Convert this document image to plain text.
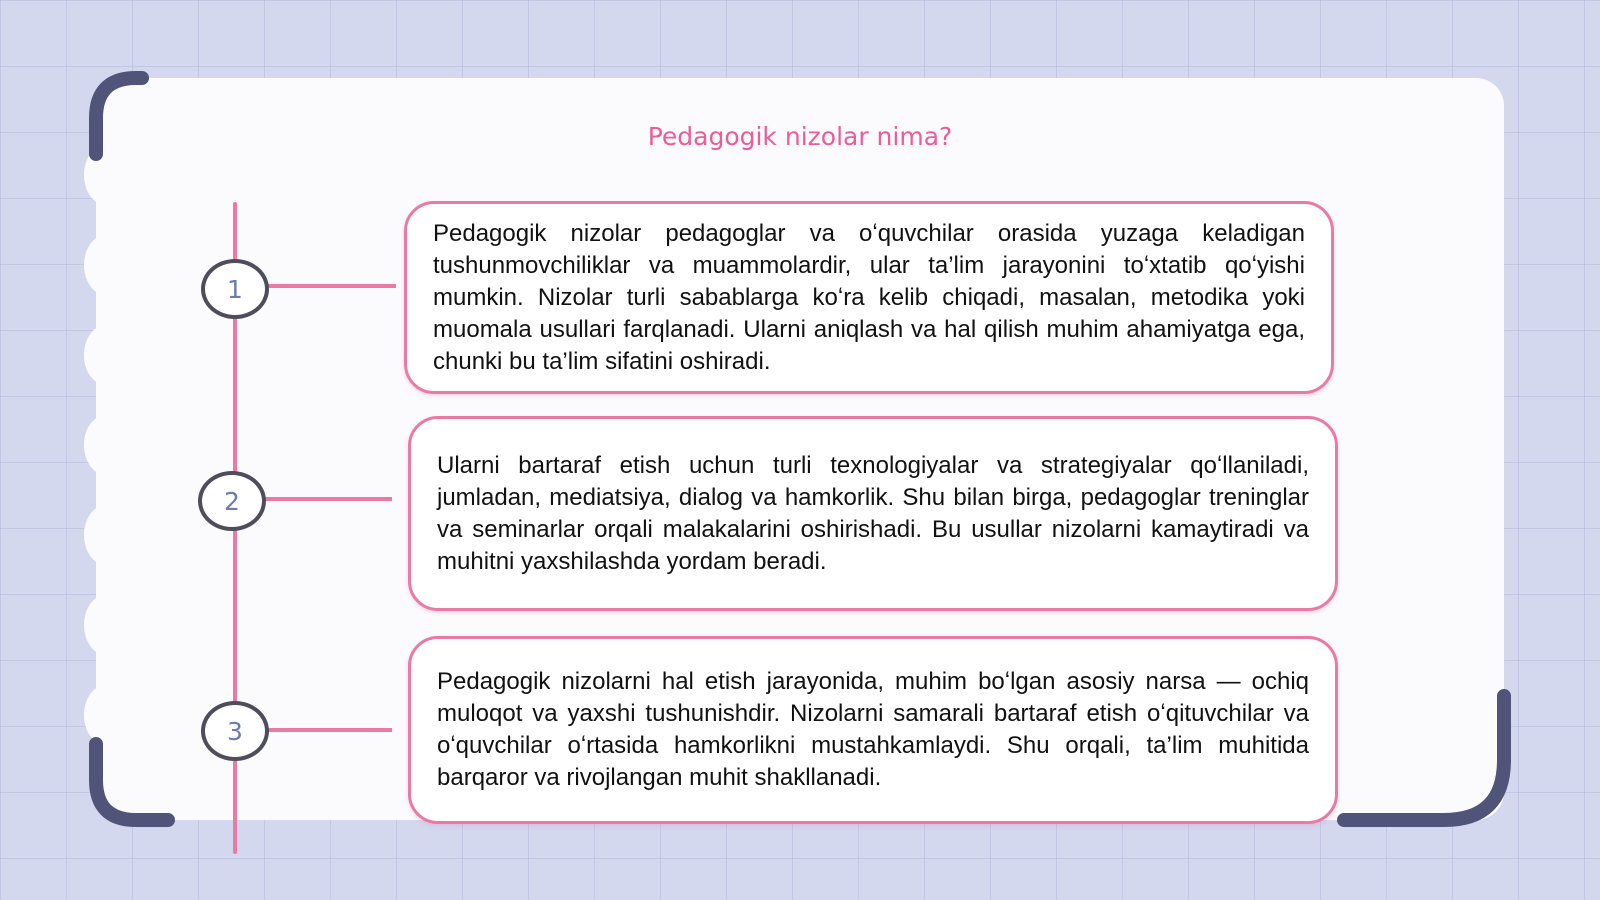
Pedagogik nizolar nima?
1
2
3

Pedagogik nizolar pedagoglar va oʻquvchilar orasida yuzaga keladigan tushunmovchiliklar va muammolardir, ular ta’lim jarayonini toʻxtatib qoʻyishi mumkin. Nizolar turli sabablarga koʻra kelib chiqadi, masalan, metodika yoki muomala usullari farqlanadi. Ularni aniqlash va hal qilish muhim ahamiyatga ega, chunki bu ta’lim sifatini oshiradi.

Ularni bartaraf etish uchun turli texnologiyalar va strategiyalar qoʻllaniladi, jumladan, mediatsiya, dialog va hamkorlik. Shu bilan birga, pedagoglar treninglar va seminarlar orqali malakalarini oshirishadi. Bu usullar nizolarni kamaytiradi va muhitni yaxshilashda yordam beradi.

Pedagogik nizolarni hal etish jarayonida, muhim boʻlgan asosiy narsa — ochiq muloqot va yaxshi tushunishdir. Nizolarni samarali bartaraf etish oʻqituvchilar va oʻquvchilar oʻrtasida hamkorlikni mustahkamlaydi. Shu orqali, ta’lim muhitida barqaror va rivojlangan muhit shakllanadi.
